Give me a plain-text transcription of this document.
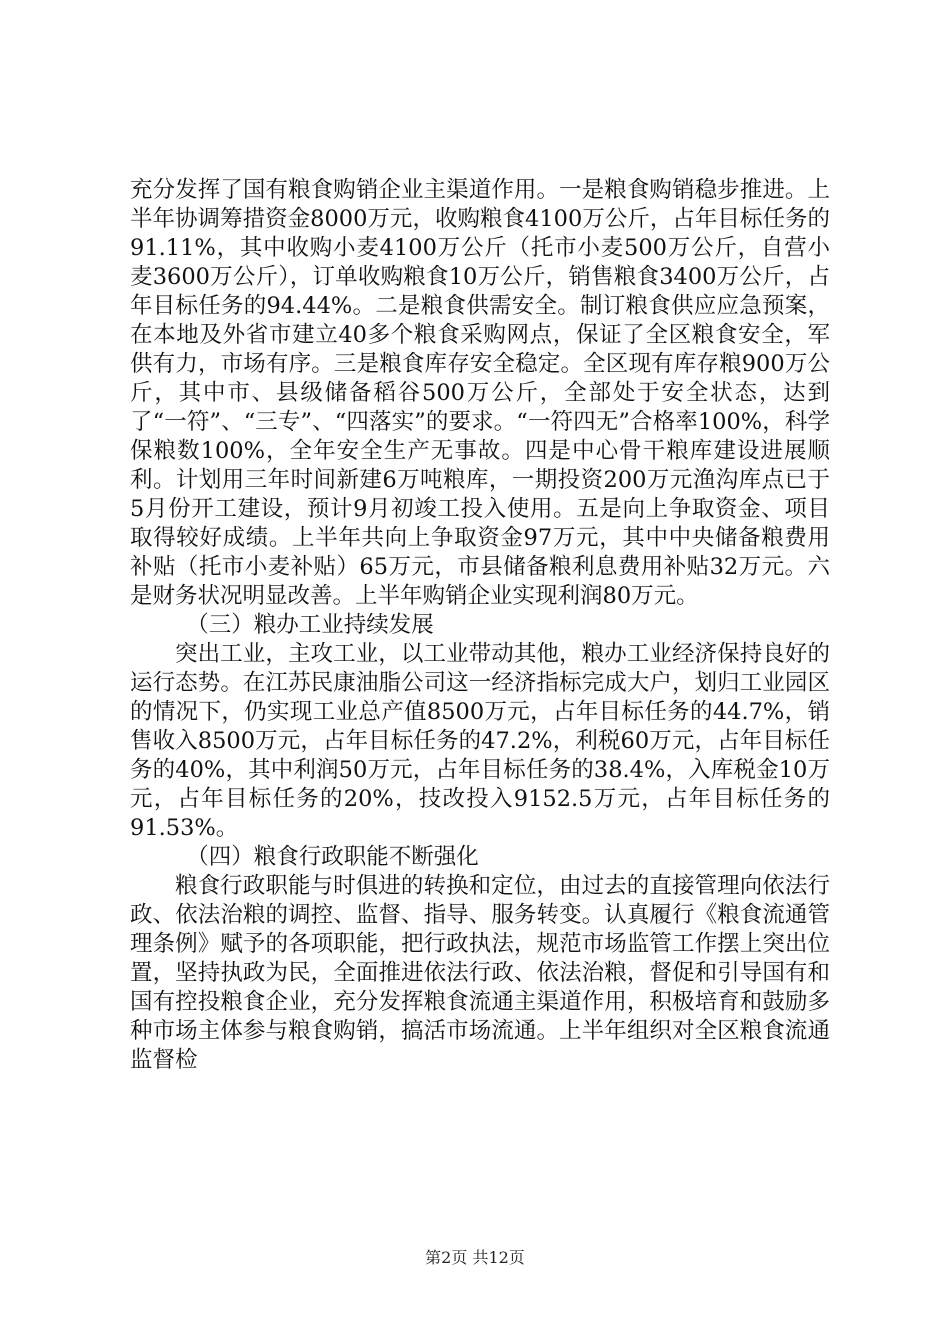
充分发挥了国有粮食购销企业主渠道作用。一是粮食购销稳步推进。上半年协调筹措资金8000万元，收购粮食4100万公斤，占年目标任务的91.11%，其中收购小麦4100万公斤（托市小麦500万公斤，自营小麦3600万公斤），订单收购粮食10万公斤，销售粮食3400万公斤，占年目标任务的94.44%。二是粮食供需安全。制订粮食供应应急预案，在本地及外省市建立40多个粮食采购网点，保证了全区粮食安全，军供有力，市场有序。三是粮食库存安全稳定。全区现有库存粮900万公斤，其中市、县级储备稻谷500万公斤，全部处于安全状态，达到了“一符”、“三专”、“四落实”的要求。“一符四无”合格率100%，科学保粮数100%，全年安全生产无事故。四是中心骨干粮库建设进展顺利。计划用三年时间新建6万吨粮库，一期投资200万元渔沟库点已于5月份开工建设，预计9月初竣工投入使用。五是向上争取资金、项目取得较好成绩。上半年共向上争取资金97万元，其中中央储备粮费用补贴（托市小麦补贴）65万元，市县储备粮利息费用补贴32万元。六是财务状况明显改善。上半年购销企业实现利润80万元。

（三）粮办工业持续发展

突出工业，主攻工业，以工业带动其他，粮办工业经济保持良好的运行态势。在江苏民康油脂公司这一经济指标完成大户，划归工业园区的情况下，仍实现工业总产值8500万元，占年目标任务的44.7%，销售收入8500万元，占年目标任务的47.2%，利税60万元，占年目标任务的40%，其中利润50万元，占年目标任务的38.4%，入库税金10万元，占年目标任务的20%，技改投入9152.5万元，占年目标任务的91.53%。

（四）粮食行政职能不断强化

粮食行政职能与时俱进的转换和定位，由过去的直接管理向依法行政、依法治粮的调控、监督、指导、服务转变。认真履行《粮食流通管理条例》赋予的各项职能，把行政执法，规范市场监管工作摆上突出位置，坚持执政为民，全面推进依法行政、依法治粮，督促和引导国有和国有控投粮食企业，充分发挥粮食流通主渠道作用，积极培育和鼓励多种市场主体参与粮食购销，搞活市场流通。上半年组织对全区粮食流通监督检

第2页 共12页
